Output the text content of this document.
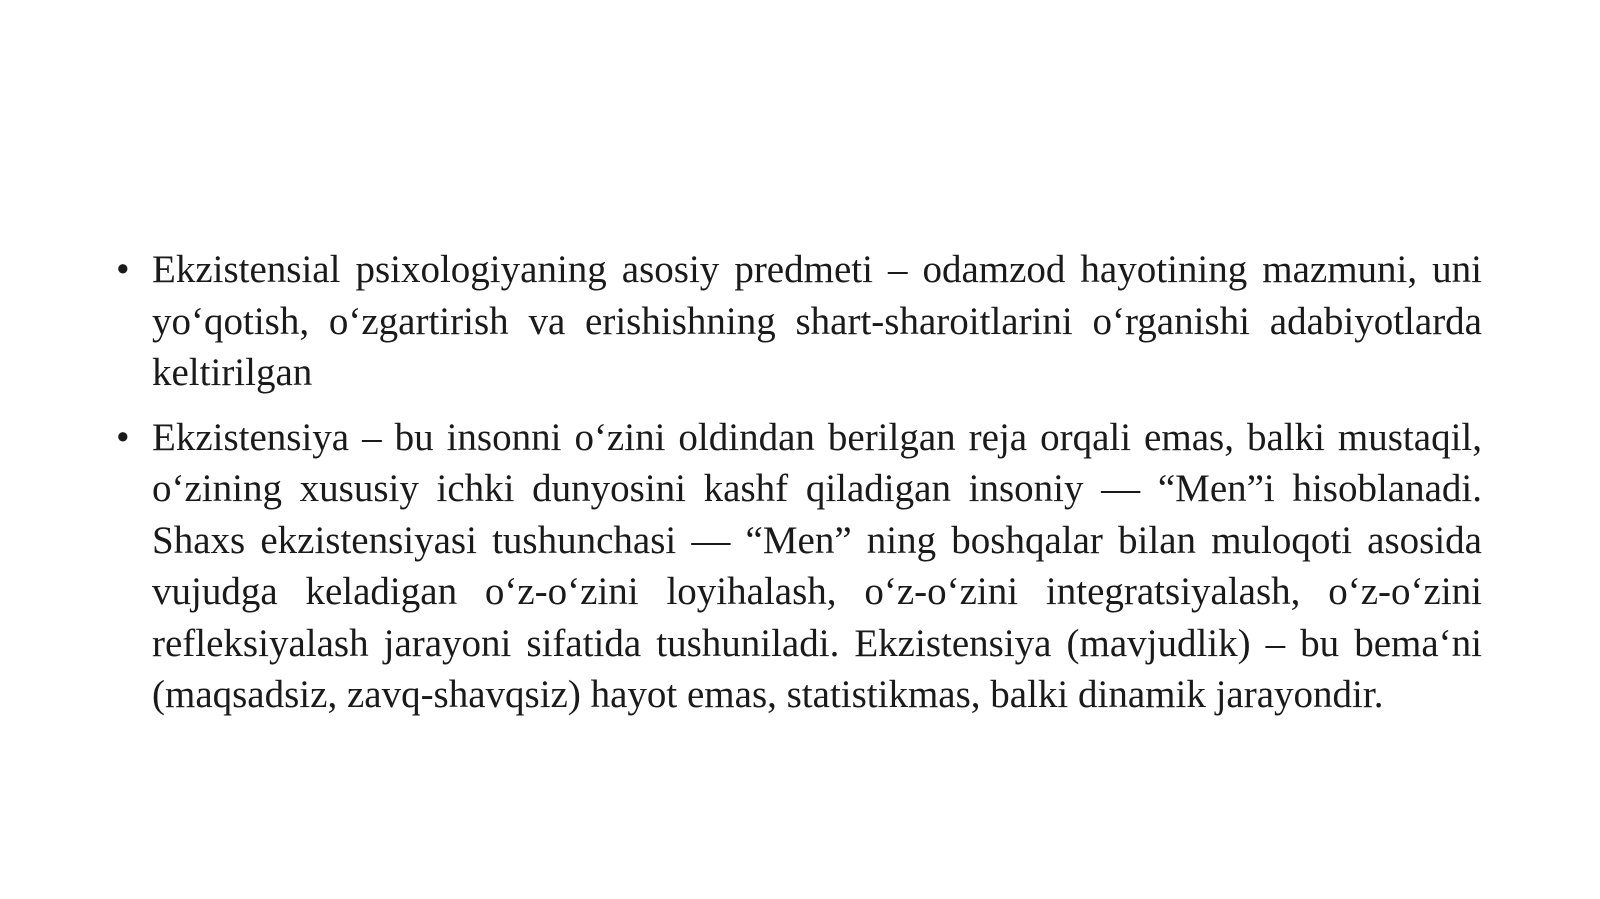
• Ekzistensial psixologiyaning asosiy predmeti – odamzod hayotining mazmuni, uni yoʻqotish, oʻzgartirish va erishishning shart-sharoitlarini oʻrganishi adabiyotlarda keltirilgan
• Ekzistensiya – bu insonni oʻzini oldindan berilgan reja orqali emas, balki mustaqil, oʻzining xususiy ichki dunyosini kashf qiladigan insoniy — “Men”i hisoblanadi. Shaxs ekzistensiyasi tushunchasi — “Men” ning boshqalar bilan muloqoti asosida vujudga keladigan oʻz-oʻzini loyihalash, oʻz-oʻzini integratsiyalash, oʻz-oʻzini refleksiyalash jarayoni sifatida tushuniladi. Ekzistensiya (mavjudlik) – bu bemaʻni (maqsadsiz, zavq-shavqsiz) hayot emas, statistikmas, balki dinamik jarayondir.
